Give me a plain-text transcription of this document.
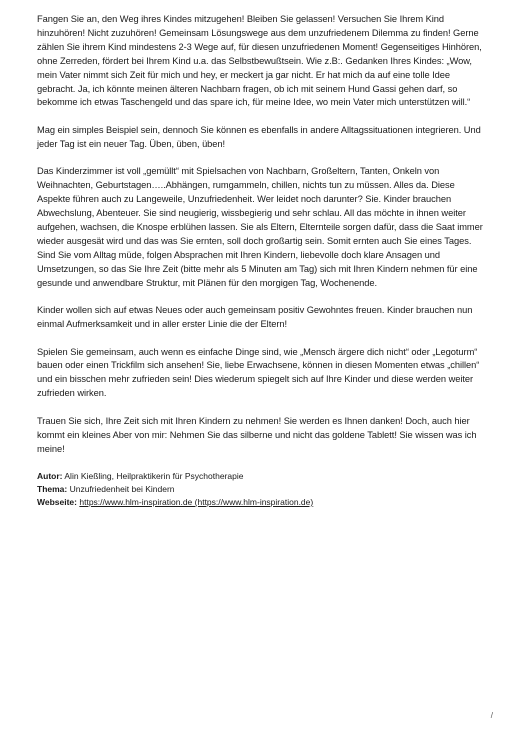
Fangen Sie an, den Weg ihres Kindes mitzugehen! Bleiben Sie gelassen! Versuchen Sie Ihrem Kind hinzuhören! Nicht zuzuhören! Gemeinsam Lösungswege aus dem unzufriedenem Dilemma zu finden! Gerne zählen Sie ihrem Kind mindestens 2-3 Wege auf, für diesen unzufriedenen Moment! Gegenseitiges Hinhören, ohne Zerreden, fördert bei Ihrem Kind u.a. das Selbstbewußtsein. Wie z.B:. Gedanken Ihres Kindes: „Wow, mein Vater nimmt sich Zeit für mich und hey, er meckert ja gar nicht. Er hat mich da auf eine tolle Idee gebracht. Ja, ich könnte meinen älteren Nachbarn fragen, ob ich mit seinem Hund Gassi gehen darf, so bekomme ich etwas Taschengeld und das spare ich, für meine Idee, wo mein Vater mich unterstützen will.“

Mag ein simples Beispiel sein, dennoch Sie können es ebenfalls in andere Alltagssituationen integrieren. Und jeder Tag ist ein neuer Tag. Üben, üben, üben!

Das Kinderzimmer ist voll „gemüllt“ mit Spielsachen von Nachbarn, Großeltern, Tanten, Onkeln von Weihnachten, Geburtstagen…..Abhängen, rumgammeln, chillen, nichts tun zu müssen. Alles da. Diese Aspekte führen auch zu Langeweile, Unzufriedenheit. Wer leidet noch darunter? Sie. Kinder brauchen Abwechslung, Abenteuer. Sie sind neugierig, wissbegierig und sehr schlau. All das möchte in ihnen weiter aufgehen, wachsen, die Knospe erblühen lassen. Sie als Eltern, Elternteile sorgen dafür, dass die Saat immer wieder ausgesät wird und das was Sie ernten, soll doch großartig sein. Somit ernten auch Sie eines Tages. Sind Sie vom Alltag müde, folgen Absprachen mit Ihren Kindern, liebevolle doch klare Ansagen und Umsetzungen, so das Sie Ihre Zeit (bitte mehr als 5 Minuten am Tag) sich mit Ihren Kindern nehmen für eine gesunde und anwendbare Struktur, mit Plänen für den morgigen Tag, Wochenende.

Kinder wollen sich auf etwas Neues oder auch gemeinsam positiv Gewohntes freuen. Kinder brauchen nun einmal Aufmerksamkeit und in aller erster Linie die der Eltern!

Spielen Sie gemeinsam, auch wenn es einfache Dinge sind, wie „Mensch ärgere dich nicht“ oder „Legoturm“ bauen oder einen Trickfilm sich ansehen! Sie, liebe Erwachsene, können in diesen Momenten etwas „chillen“ und ein bisschen mehr zufrieden sein! Dies wiederum spiegelt sich auf Ihre Kinder und diese werden weiter zufrieden wirken.

Trauen Sie sich, Ihre Zeit sich mit Ihren Kindern zu nehmen! Sie werden es Ihnen danken! Doch, auch hier kommt ein kleines Aber von mir: Nehmen Sie das silberne und nicht das goldene Tablett! Sie wissen was ich meine!

Autor: Alin Kießling, Heilpraktikerin für Psychotherapie

Thema: Unzufriedenheit bei Kindern

Webseite: https://www.hlm-inspiration.de (https://www.hlm-inspiration.de)

/
